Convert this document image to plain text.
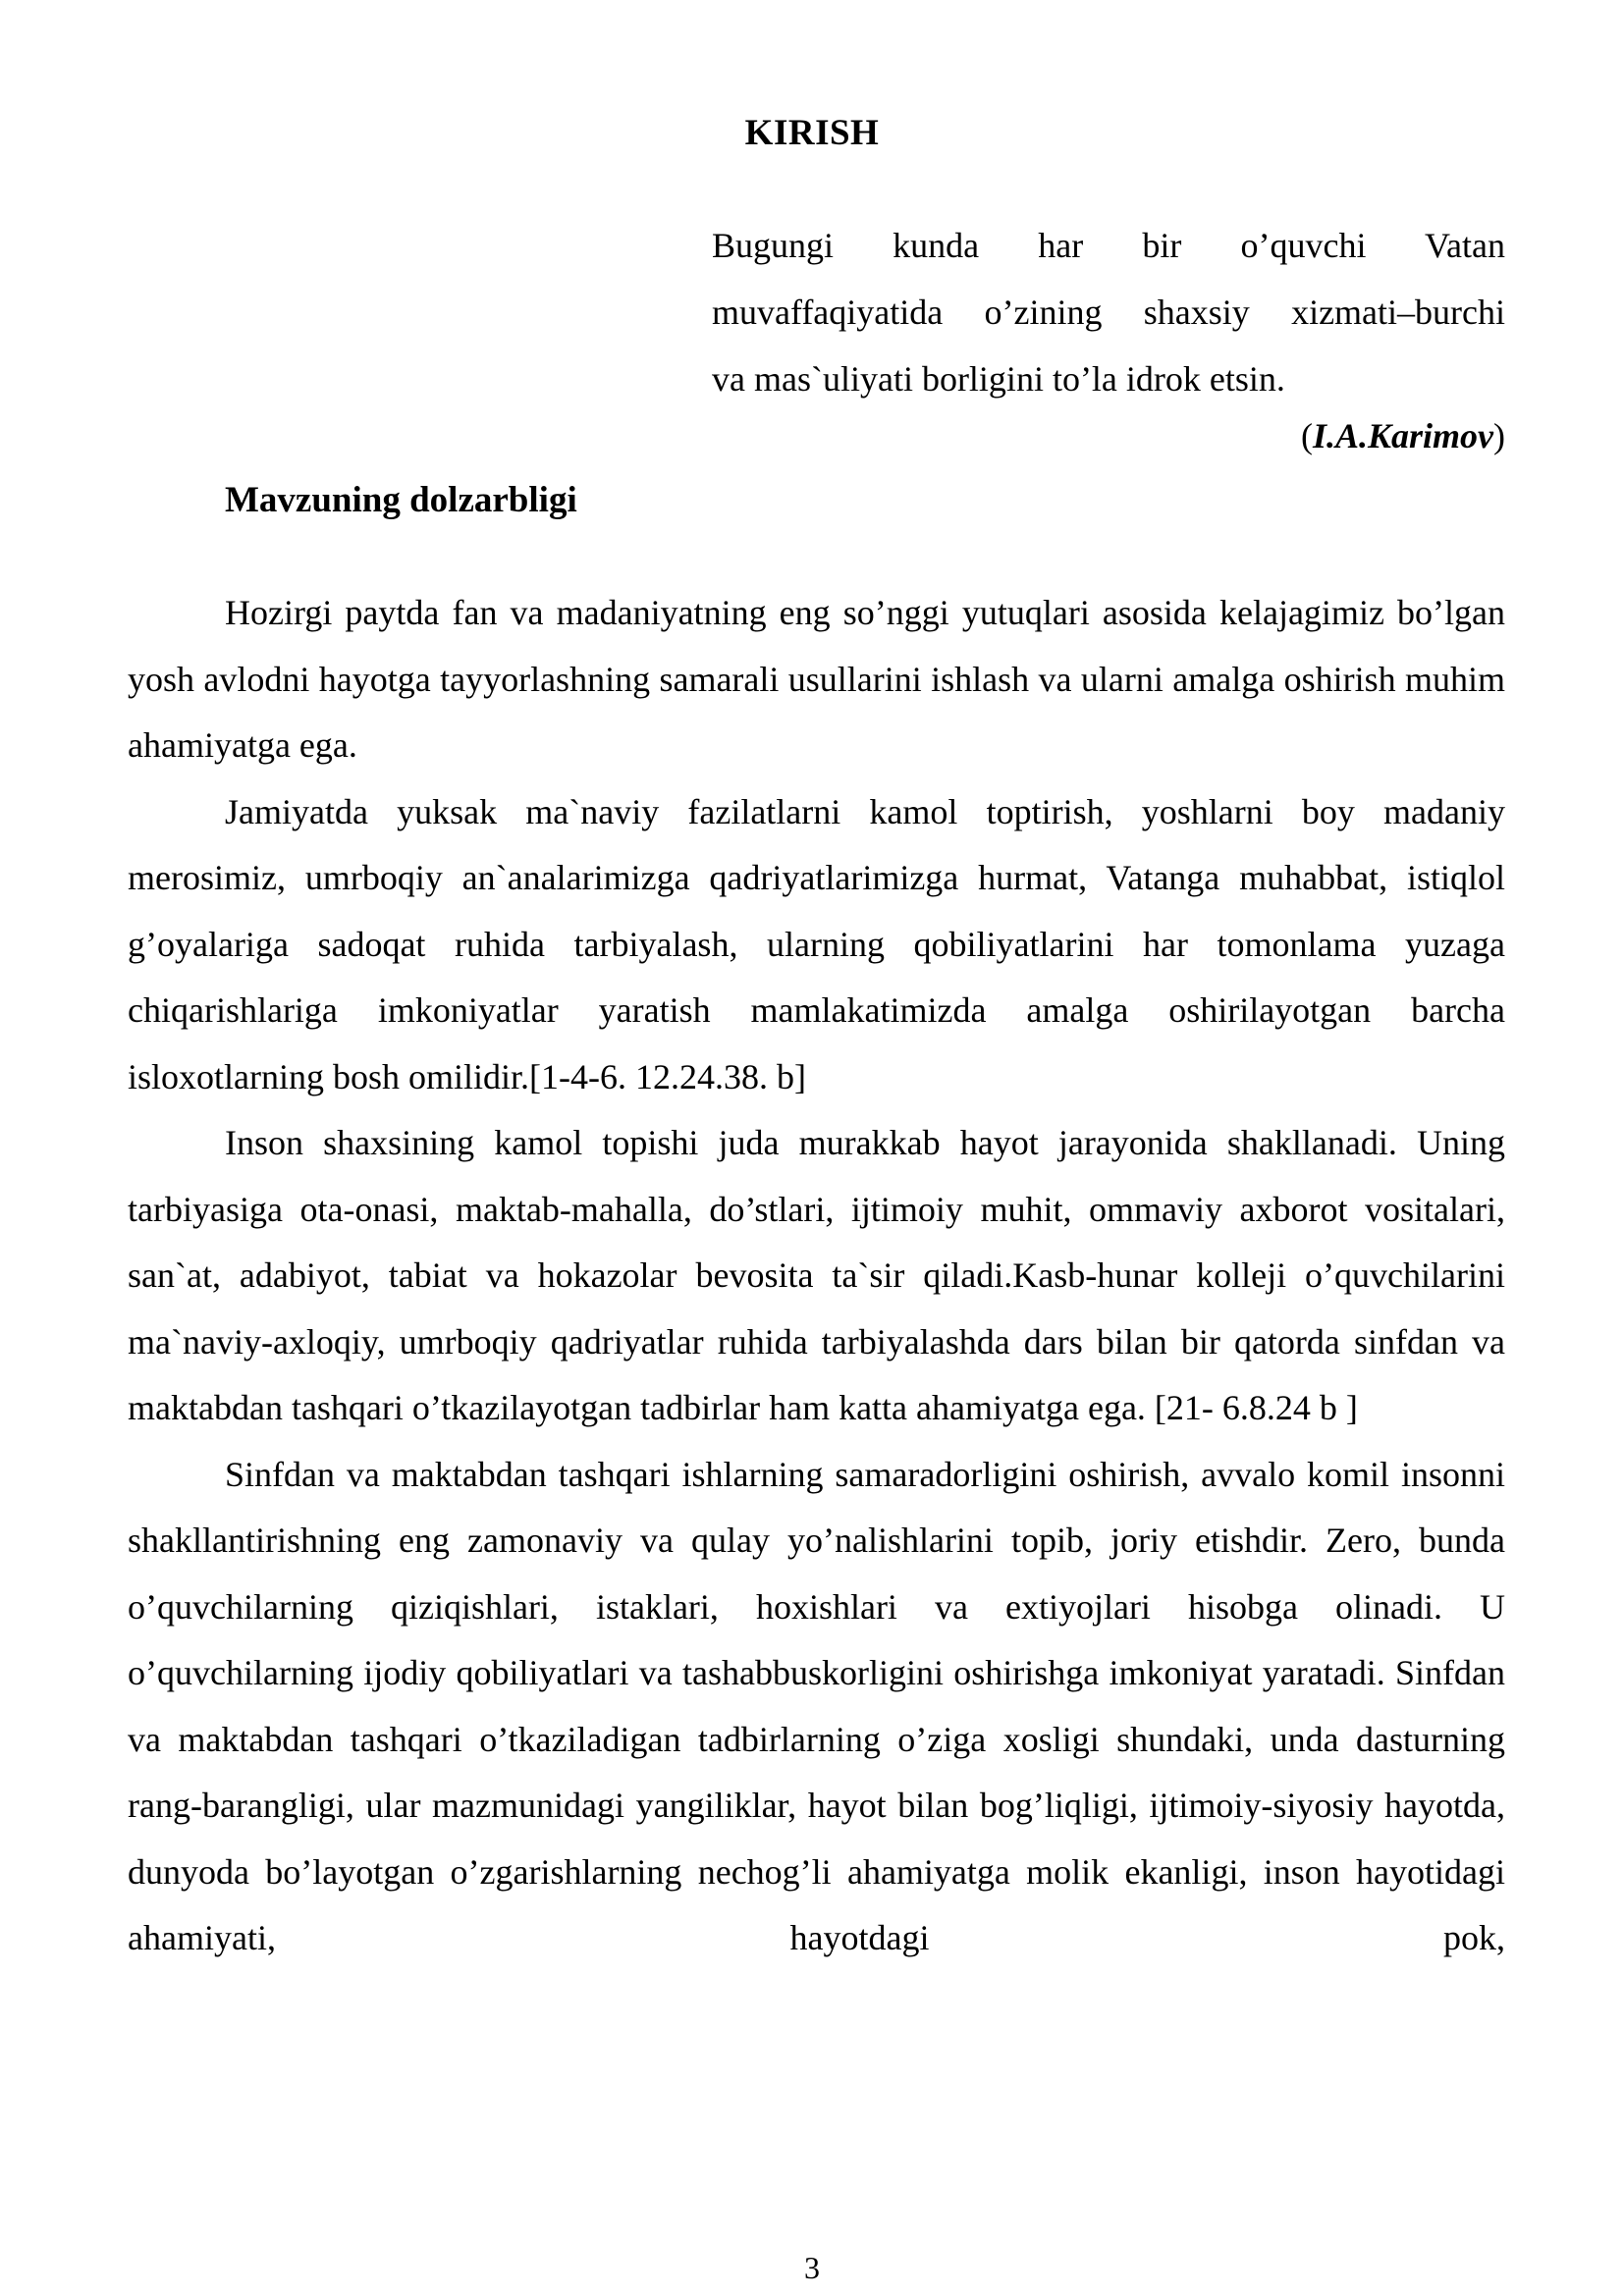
KIRISH
Bugungi kunda har bir o’quvchi Vatan
muvaffaqiyatida o’zining shaxsiy xizmati–burchi
va mas`uliyati borligini to’la idrok etsin.
(I.A.Karimov)
Mavzuning dolzarbligi

Hozirgi paytda fan va madaniyatning eng so’nggi yutuqlari asosida kelajagimiz bo’lgan yosh avlodni hayotga tayyorlashning samarali usullarini ishlash va ularni amalga oshirish muhim ahamiyatga ega.

Jamiyatda yuksak ma`naviy fazilatlarni kamol toptirish, yoshlarni boy madaniy merosimiz, umrboqiy an`analarimizga qadriyatlarimizga hurmat, Vatanga muhabbat, istiqlol g’oyalariga sadoqat ruhida tarbiyalash, ularning qobiliyatlarini har tomonlama yuzaga chiqarishlariga imkoniyatlar yaratish mamlakatimizda amalga oshirilayotgan barcha isloxotlarning bosh omilidir.[1-4-6. 12.24.38. b]

Inson shaxsining kamol topishi juda murakkab hayot jarayonida shakllanadi. Uning tarbiyasiga ota-onasi, maktab-mahalla, do’stlari, ijtimoiy muhit, ommaviy axborot vositalari, san`at, adabiyot, tabiat va hokazolar bevosita ta`sir qiladi.Kasb-hunar kolleji o’quvchilarini ma`naviy-axloqiy, umrboqiy qadriyatlar ruhida tarbiyalashda dars bilan bir qatorda sinfdan va maktabdan tashqari o’tkazilayotgan tadbirlar ham katta ahamiyatga ega. [21- 6.8.24 b ]

Sinfdan va maktabdan tashqari ishlarning samaradorligini oshirish, avvalo komil insonni shakllantirishning eng zamonaviy va qulay yo’nalishlarini topib, joriy etishdir. Zero, bunda o’quvchilarning qiziqishlari, istaklari, hoxishlari va extiyojlari hisobga olinadi. U o’quvchilarning ijodiy qobiliyatlari va tashabbuskorligini oshirishga imkoniyat yaratadi. Sinfdan va maktabdan tashqari o’tkaziladigan tadbirlarning o’ziga xosligi shundaki, unda dasturning rang-barangligi, ular mazmunidagi yangiliklar, hayot bilan bog’liqligi, ijtimoiy-siyosiy hayotda, dunyoda bo’layotgan o’zgarishlarning nechog’li ahamiyatga molik ekanligi, inson hayotidagi ahamiyati, hayotdagi pok,

3
